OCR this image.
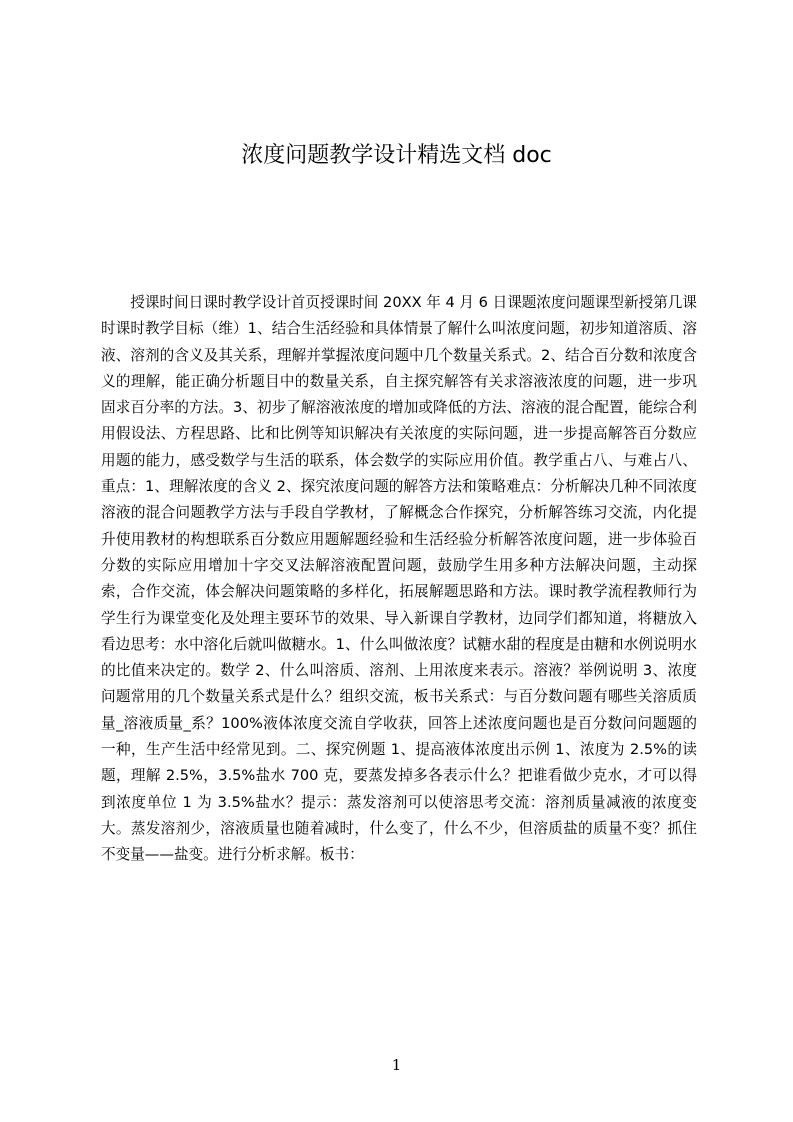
浓度问题教学设计精选文档 doc

授课时间日课时教学设计首页授课时间 20XX 年 4 月 6 日课题浓度问题课型新授第几课时课时教学目标（维）1、结合生活经验和具体情景了解什么叫浓度问题，初步知道溶质、溶液、溶剂的含义及其关系，理解并掌握浓度问题中几个数量关系式。2、结合百分数和浓度含义的理解，能正确分析题目中的数量关系，自主探究解答有关求溶液浓度的问题，进一步巩固求百分率的方法。3、初步了解溶液浓度的增加或降低的方法、溶液的混合配置，能综合利用假设法、方程思路、比和比例等知识解决有关浓度的实际问题，进一步提高解答百分数应用题的能力，感受数学与生活的联系，体会数学的实际应用价值。教学重占八、与难占八、重点：1、理解浓度的含义 2、探究浓度问题的解答方法和策略难点：分析解决几种不同浓度溶液的混合问题教学方法与手段自学教材，了解概念合作探究，分析解答练习交流，内化提升使用教材的构想联系百分数应用题解题经验和生活经验分析解答浓度问题，进一步体验百分数的实际应用增加十字交叉法解溶液配置问题，鼓励学生用多种方法解决问题，主动探索，合作交流，体会解决问题策略的多样化，拓展解题思路和方法。课时教学流程教师行为学生行为课堂变化及处理主要环节的效果、导入新课自学教材，边同学们都知道，将糖放入看边思考：水中溶化后就叫做糖水。1、什么叫做浓度？试糖水甜的程度是由糖和水例说明水的比值来决定的。数学 2、什么叫溶质、溶剂、上用浓度来表示。溶液？举例说明 3、浓度问题常用的几个数量关系式是什么？组织交流，板书关系式：与百分数问题有哪些关溶质质量_溶液质量_系？100%液体浓度交流自学收获，回答上述浓度问题也是百分数问问题题的一种，生产生活中经常见到。二、探究例题 1、提高液体浓度出示例 1、浓度为 2.5%的读题，理解 2.5%，3.5%盐水 700 克，要蒸发掉多各表示什么？把谁看做少克水，才可以得到浓度单位 1 为 3.5%盐水？提示：蒸发溶剂可以使溶思考交流：溶剂质量减液的浓度变大。蒸发溶剂少，溶液质量也随着减时，什么变了，什么不少，但溶质盐的质量不变？抓住不变量——盐变。进行分析求解。板书：

1
